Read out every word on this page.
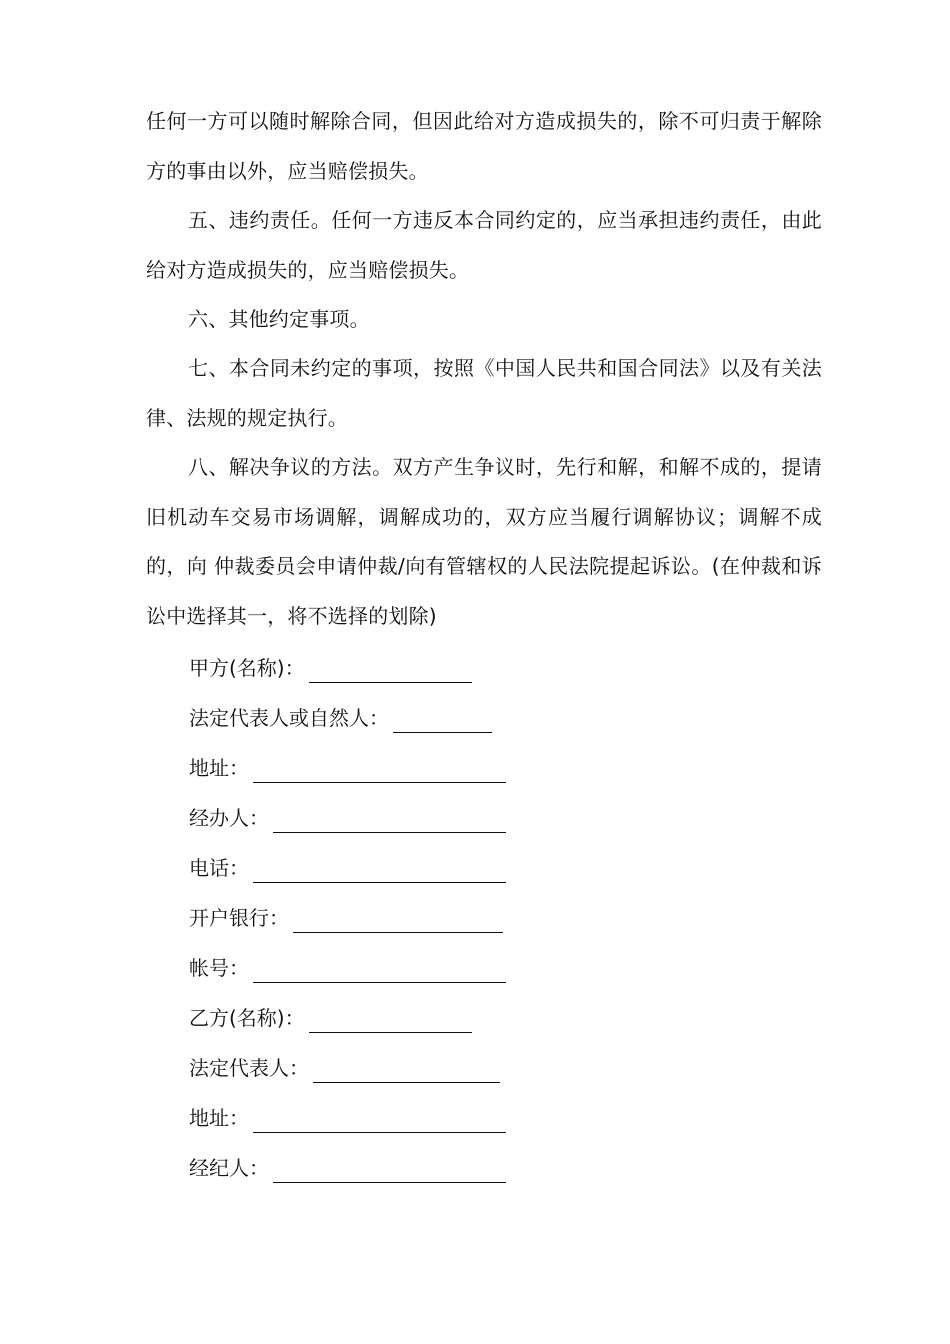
任何一方可以随时解除合同，但因此给对方造成损失的，除不可归责于解除方的事由以外，应当赔偿损失。

五、违约责任。任何一方违反本合同约定的，应当承担违约责任，由此给对方造成损失的，应当赔偿损失。

六、其他约定事项。

七、本合同未约定的事项，按照《中国人民共和国合同法》以及有关法律、法规的规定执行。

八、解决争议的方法。双方产生争议时，先行和解，和解不成的，提请旧机动车交易市场调解，调解成功的，双方应当履行调解协议；调解不成的，向 仲裁委员会申请仲裁/向有管辖权的人民法院提起诉讼。(在仲裁和诉讼中选择其一，将不选择的划除)

甲方(名称)：
法定代表人或自然人：
地址：
经办人：
电话：
开户银行：
帐号：
乙方(名称)：
法定代表人：
地址：
经纪人：
